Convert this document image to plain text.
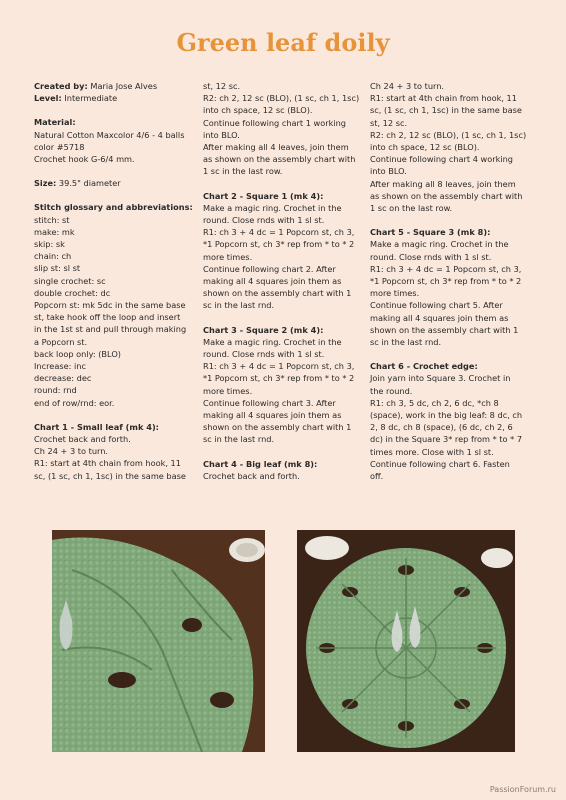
Green leaf doily

Created by: Maria Jose Alves

Level: Intermediate

Material:

Natural Cotton Maxcolor 4/6 - 4 balls

color #5718

Crochet hook G-6/4 mm.

Size: 39.5" diameter

Stitch glossary and abbreviations:

stitch: st

make: mk

skip: sk

chain: ch

slip st: sl st

single crochet: sc

double crochet: dc

Popcorn st: mk 5dc in the same base

st, take hook off the loop and insert

in the 1st st and pull through making

a Popcorn st.

back loop only: (BLO)

Increase: inc

decrease: dec

round: rnd

end of row/rnd: eor.

Chart 1 - Small leaf (mk 4):

Crochet back and forth.

Ch 24 + 3 to turn.

R1: start at 4th chain from hook, 11

sc, (1 sc, ch 1, 1sc) in the same base

st, 12 sc.

R2: ch 2, 12 sc (BLO), (1 sc, ch 1, 1sc)

into ch space, 12 sc (BLO).

Continue following chart 1 working

into BLO.

After making all 4 leaves, join them

as shown on the assembly chart with

1 sc in the last row.

Chart 2 - Square 1 (mk 4):

Make a magic ring. Crochet in the

round. Close rnds with 1 sl st.

R1: ch 3 + 4 dc = 1 Popcorn st, ch 3,

*1 Popcorn st, ch 3* rep from * to * 2

more times.

Continue following chart 2. After

making all 4 squares join them as

shown on the assembly chart with 1

sc in the last rnd.

Chart 3 - Square 2 (mk 4):

Make a magic ring. Crochet in the

round. Close rnds with 1 sl st.

R1: ch 3 + 4 dc = 1 Popcorn st, ch 3,

*1 Popcorn st, ch 3* rep from * to * 2

more times.

Continue following chart 3. After

making all 4 squares join them as

shown on the assembly chart with 1

sc in the last rnd.

Chart 4 - Big leaf (mk 8):

Crochet back and forth.

Ch 24 + 3 to turn.

R1: start at 4th chain from hook, 11

sc, (1 sc, ch 1, 1sc) in the same base

st, 12 sc.

R2: ch 2, 12 sc (BLO), (1 sc, ch 1, 1sc)

into ch space, 12 sc (BLO).

Continue following chart 4 working

into BLO.

After making all 8 leaves, join them

as shown on the assembly chart with

1 sc on the last row.

Chart 5 - Square 3 (mk 8):

Make a magic ring. Crochet in the

round. Close rnds with 1 sl st.

R1: ch 3 + 4 dc = 1 Popcorn st, ch 3,

*1 Popcorn st, ch 3* rep from * to * 2

more times.

Continue following chart 5. After

making all 4 squares join them as

shown on the assembly chart with 1

sc in the last rnd.

Chart 6 - Crochet edge:

Join yarn into Square 3. Crochet in

the round.

R1: ch 3, 5 dc, ch 2, 6 dc, *ch 8

(space), work in the big leaf: 8 dc, ch

2, 8 dc, ch 8 (space), (6 dc, ch 2, 6

dc) in the Square 3* rep from * to * 7

times more. Close with 1 sl st.

Continue following chart 6. Fasten

off.

PassionForum.ru
